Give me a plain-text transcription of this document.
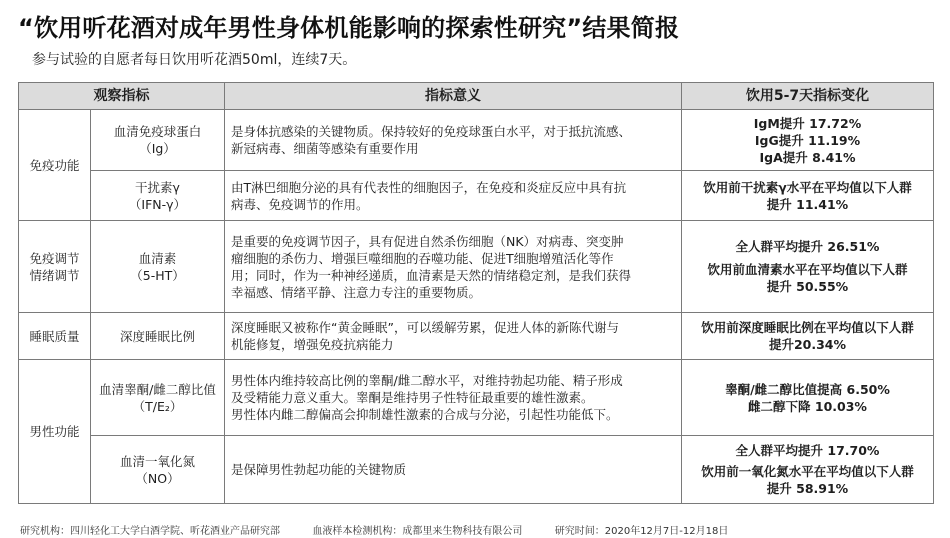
“饮用听花酒对成年男性身体机能影响的探索性研究”结果简报
参与试验的自愿者每日饮用听花酒50ml，连续7天。
观察指标		指标意义	饮用5-7天指标变化

免疫功能	血清免疫球蛋白
（Ig）	是身体抗感染的关键物质。保持较好的免疫球蛋白水平，对于抵抗流感、
新冠病毒、细菌等感染有重要作用	IgM提升 17.72%
IgG提升 11.19%
IgA提升 8.41%

	干扰素γ
（IFN-γ）	由T淋巴细胞分泌的具有代表性的细胞因子，在免疫和炎症反应中具有抗
病毒、免疫调节的作用。	饮用前干扰素γ水平在平均值以下人群
提升 11.41%

免疫调节
情绪调节	血清素
（5-HT）	是重要的免疫调节因子，具有促进自然杀伤细胞（NK）对病毒、突变肿
瘤细胞的杀伤力、增强巨噬细胞的吞噬功能、促进T细胞增殖活化等作
用；同时，作为一种神经递质，血清素是天然的情绪稳定剂，是我们获得
幸福感、情绪平静、注意力专注的重要物质。	全人群平均提升 26.51%
饮用前血清素水平在平均值以下人群
提升 50.55%

睡眠质量	深度睡眠比例	深度睡眠又被称作“黄金睡眠”，可以缓解劳累，促进人体的新陈代谢与
机能修复，增强免疫抗病能力	饮用前深度睡眠比例在平均值以下人群
提升20.34%

男性功能	血清睾酮/雌二醇比值
（T/E₂）	男性体内维持较高比例的睾酮/雌二醇水平，对维持勃起功能、精子形成
及受精能力意义重大。睾酮是维持男子性特征最重要的雄性激素。
男性体内雌二醇偏高会抑制雄性激素的合成与分泌，引起性功能低下。	睾酮/雌二醇比值提高 6.50%
雌二醇下降 10.03%

	血清一氧化氮
（NO）	是保障男性勃起功能的关键物质	全人群平均提升 17.70%
饮用前一氧化氮水平在平均值以下人群
提升 58.91%
研究机构：四川轻化工大学白酒学院、听花酒业产品研究部	血液样本检测机构：成都里来生物科技有限公司	研究时间：2020年12月7日-12月18日
